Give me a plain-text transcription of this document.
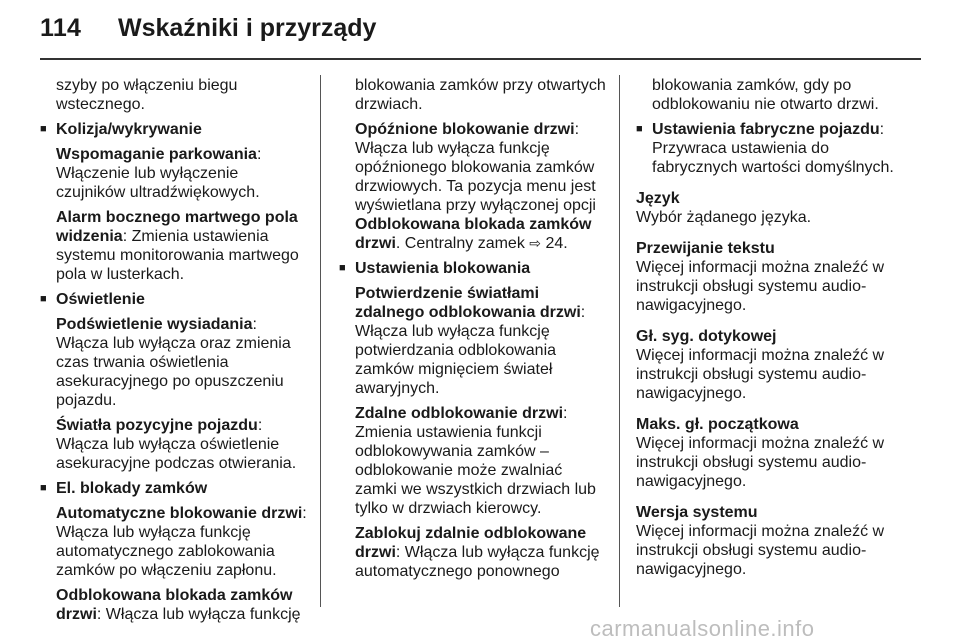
114 Wskaźniki i przyrządy

szyby po włączeniu biegu wstecznego.

■ Kolizja/wykrywanie

Wspomaganie parkowania:
Włączenie lub wyłączenie czujników ultradźwiękowych.

Alarm bocznego martwego pola widzenia: Zmienia ustawienia systemu monitorowania martwego pola w lusterkach.

■ Oświetlenie

Podświetlenie wysiadania: Włącza lub wyłącza oraz zmienia czas trwania oświetlenia asekuracyjnego po opuszczeniu pojazdu.

Światła pozycyjne pojazdu: Włącza lub wyłącza oświetlenie asekuracyjne podczas otwierania.

■ El. blokady zamków

Automatyczne blokowanie drzwi:
Włącza lub wyłącza funkcję automatycznego zablokowania zamków po włączeniu zapłonu.

Odblokowana blokada zamków drzwi: Włącza lub wyłącza funkcję

blokowania zamków przy otwartych drzwiach.

Opóźnione blokowanie drzwi:
Włącza lub wyłącza funkcję opóźnionego blokowania zamków drzwiowych. Ta pozycja menu jest wyświetlana przy wyłączonej opcji Odblokowana blokada zamków drzwi. Centralny zamek ⇨ 24.

■ Ustawienia blokowania

Potwierdzenie światłami zdalnego odblokowania drzwi: Włącza lub wyłącza funkcję potwierdzania odblokowania zamków mignięciem świateł awaryjnych.

Zdalne odblokowanie drzwi:
Zmienia ustawienia funkcji odblokowywania zamków – odblokowanie może zwalniać zamki we wszystkich drzwiach lub tylko w drzwiach kierowcy.

Zablokuj zdalnie odblokowane drzwi: Włącza lub wyłącza funkcję automatycznego ponownego

blokowania zamków, gdy po odblokowaniu nie otwarto drzwi.

■ Ustawienia fabryczne pojazdu:
Przywraca ustawienia do fabrycznych wartości domyślnych.

Język

Wybór żądanego języka.

Przewijanie tekstu

Więcej informacji można znaleźć w instrukcji obsługi systemu audio-nawigacyjnego.

Gł. syg. dotykowej

Więcej informacji można znaleźć w instrukcji obsługi systemu audio-nawigacyjnego.

Maks. gł. początkowa

Więcej informacji można znaleźć w instrukcji obsługi systemu audio-nawigacyjnego.

Wersja systemu

Więcej informacji można znaleźć w instrukcji obsługi systemu audio-nawigacyjnego.

carmanualsonline.info
